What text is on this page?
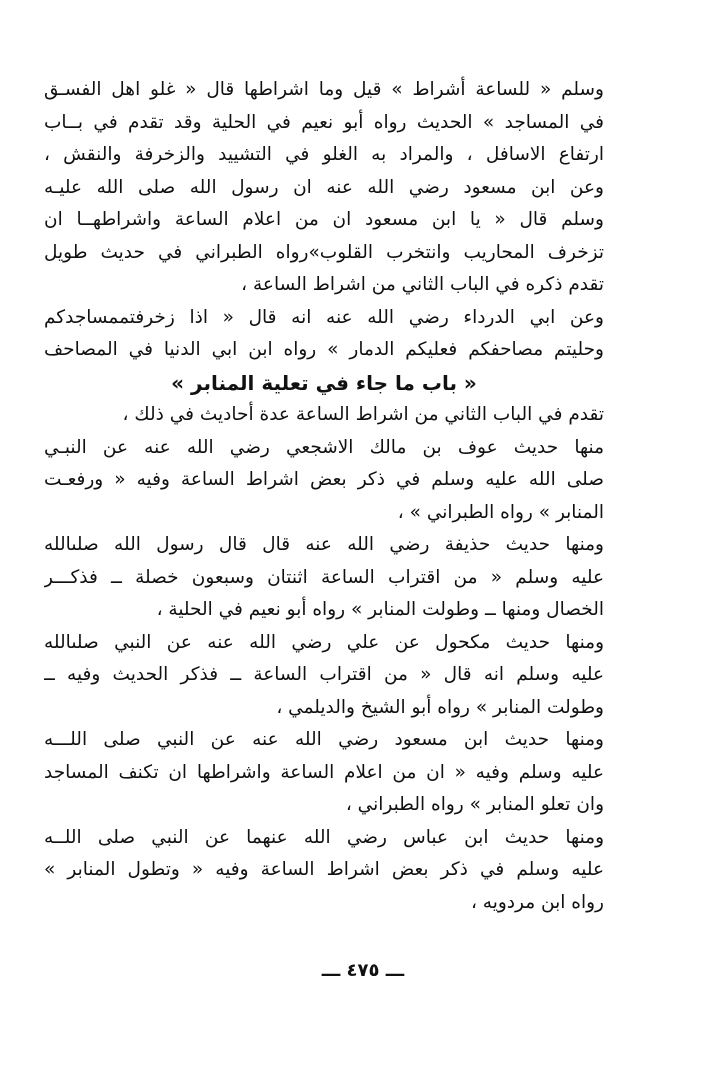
وسلم « للساعة أشراط » قيل وما اشراطها قال « غلو اهل الفسـق
في المساجد » الحديث رواه أبو نعيم في الحلية وقد تقدم في بــاب
ارتفاع الاسافل ، والمراد به الغلو في التشييد والزخرفة والنقش ،
وعن ابن مسعود رضي الله عنه ان رسول الله صلى الله عليـه
وسلم قال « يا ابن مسعود ان من اعلام الساعة واشراطهــا ان
تزخرف المحاريب وانتخرب القلوب»رواه الطبراني في حديث طويل
تقدم ذكره في الباب الثاني من اشراط الساعة ،
وعن ابي الدرداء رضي الله عنه انه قال « اذا زخرفتممساجدكم
وحليتم مصاحفكم فعليكم الدمار » رواه ابن ابي الدنيا في المصاحف
« باب ما جاء في تعلية المنابر »
تقدم في الباب الثاني من اشراط الساعة عدة أحاديث في ذلك ،
منها حديث عوف بن مالك الاشجعي رضي الله عنه عن النبـي
صلى الله عليه وسلم في ذكر بعض اشراط الساعة وفيه « ورفعـت
المنابر » رواه الطبراني » ،
ومنها حديث حذيفة رضي الله عنه قال قال رسول الله صلىالله
عليه وسلم « من اقتراب الساعة اثنتان وسبعون خصلة ــ فذكـــر
الخصال ومنها ــ وطولت المنابر » رواه أبو نعيم في الحلية ،
ومنها حديث مكحول عن علي رضي الله عنه عن النبي صلىالله
عليه وسلم انه قال « من اقتراب الساعة ــ فذكر الحديث وفيه ــ
وطولت المنابر » رواه أبو الشيخ والديلمي ،
ومنها حديث ابن مسعود رضي الله عنه عن النبي صلى اللـــه
عليه وسلم وفيه « ان من اعلام الساعة واشراطها ان تكنف المساجد
وان تعلو المنابر » رواه الطبراني ،
ومنها حديث ابن عباس رضي الله عنهما عن النبي صلى اللــه
عليه وسلم في ذكر بعض اشراط الساعة وفيه « وتطول المنابر »
رواه ابن مردويه ،
ـــ ٤٧٥ ـــ
